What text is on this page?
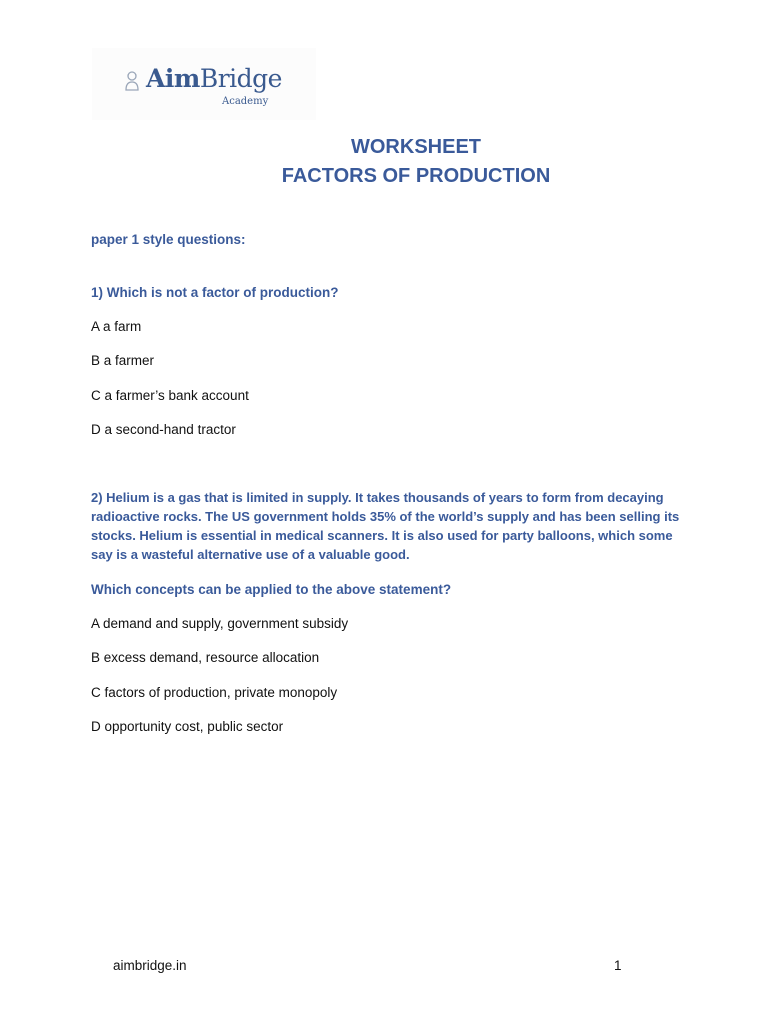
AimBridge
Academy
WORKSHEET
FACTORS OF PRODUCTION
paper 1 style questions:
1) Which is not a factor of production?
A a farm
B a farmer
C a farmer’s bank account
D a second-hand tractor
2) Helium is a gas that is limited in supply. It takes thousands of years to form from decaying radioactive rocks. The US government holds 35% of the world’s supply and has been selling its stocks. Helium is essential in medical scanners. It is also used for party balloons, which some say is a wasteful alternative use of a valuable good.
Which concepts can be applied to the above statement?
A demand and supply, government subsidy
B excess demand, resource allocation
C factors of production, private monopoly
D opportunity cost, public sector
aimbridge.in	1
